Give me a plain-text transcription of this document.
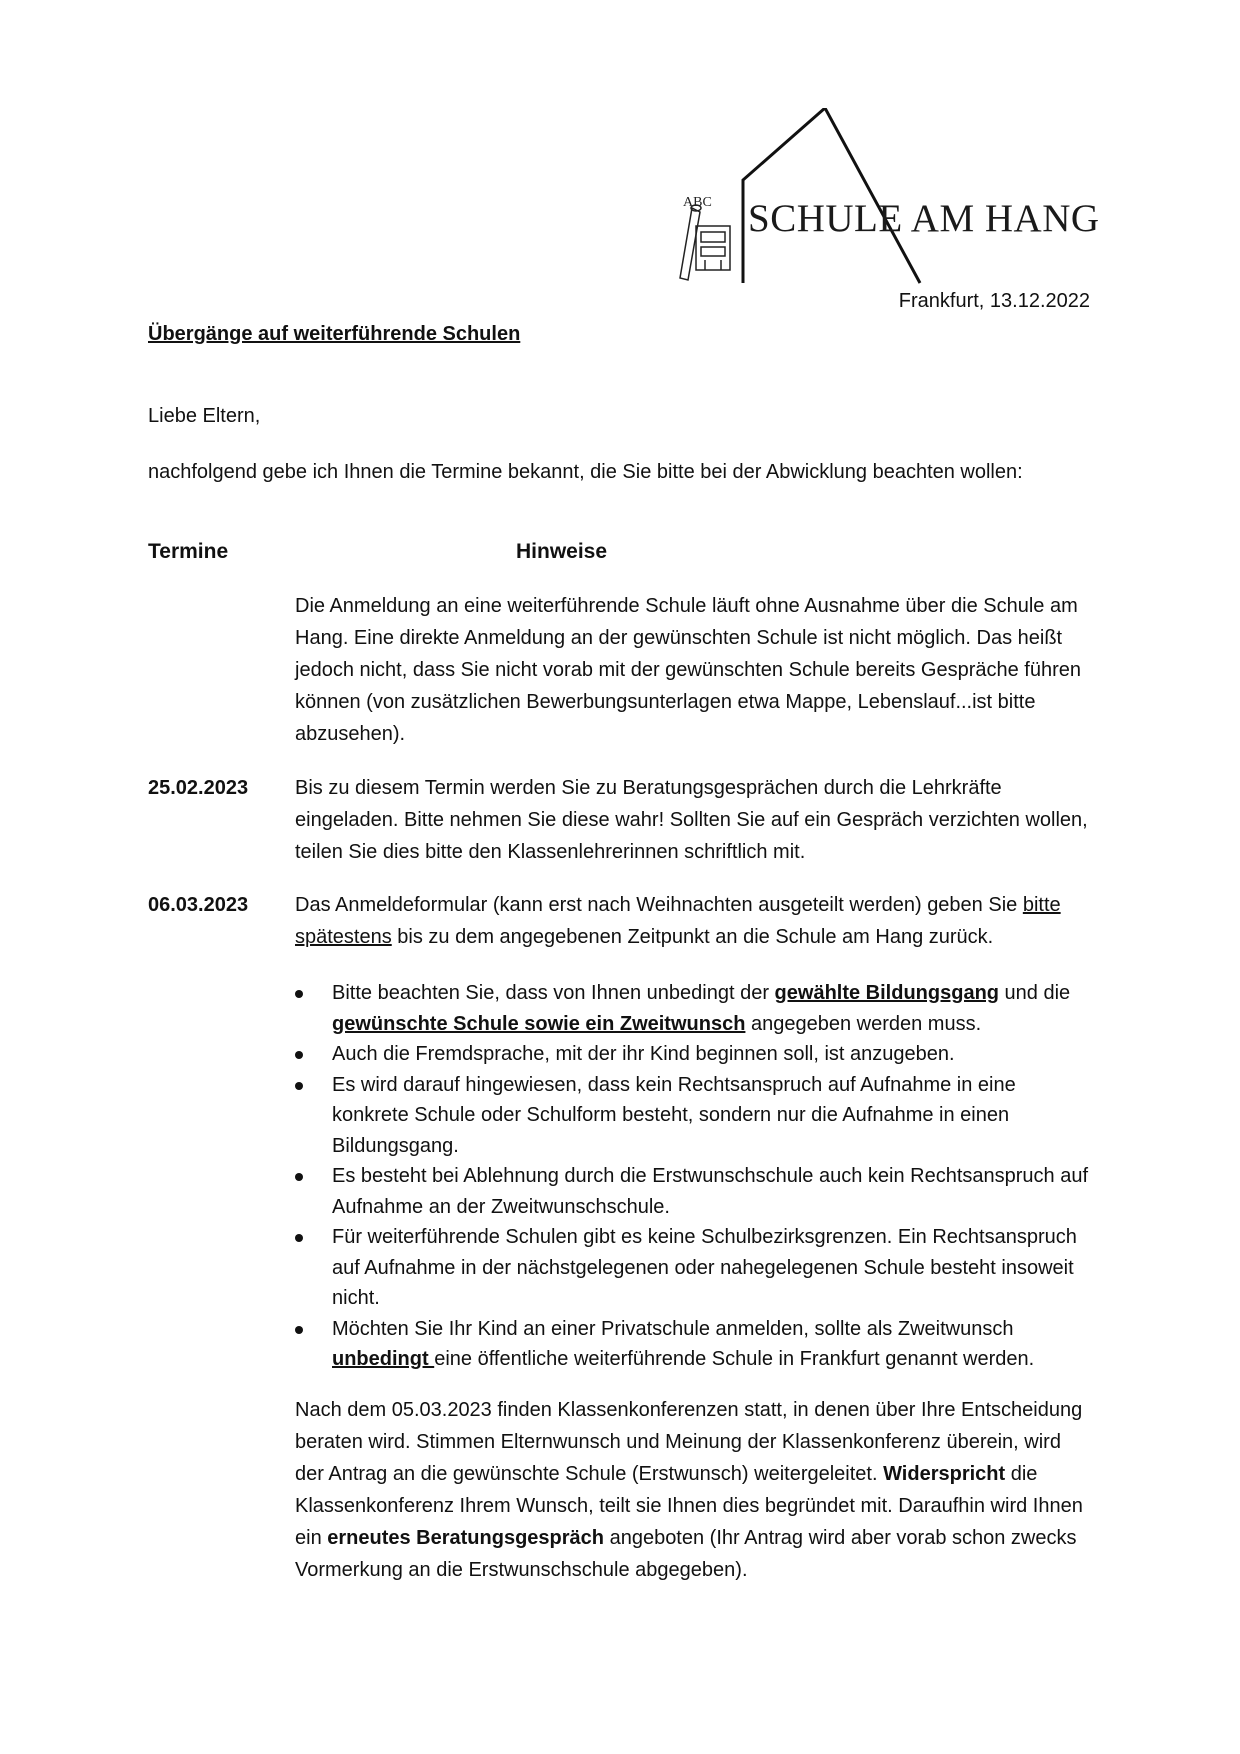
ABC SCHULE AM HANG
Frankfurt, 13.12.2022
Übergänge auf weiterführende Schulen
Liebe Eltern,
nachfolgend gebe ich Ihnen die Termine bekannt, die Sie bitte bei der Abwicklung beachten wollen:
Termine	Hinweise
Die Anmeldung an eine weiterführende Schule läuft ohne Ausnahme über die Schule am Hang. Eine direkte Anmeldung an der gewünschten Schule ist nicht möglich. Das heißt jedoch nicht, dass Sie nicht vorab mit der gewünschten Schule bereits Gespräche führen können (von zusätzlichen Bewerbungsunterlagen etwa Mappe, Lebenslauf...ist bitte abzusehen).
25.02.2023 Bis zu diesem Termin werden Sie zu Beratungsgesprächen durch die Lehrkräfte eingeladen. Bitte nehmen Sie diese wahr! Sollten Sie auf ein Gespräch verzichten wollen, teilen Sie dies bitte den Klassenlehrerinnen schriftlich mit.
06.03.2023 Das Anmeldeformular (kann erst nach Weihnachten ausgeteilt werden) geben Sie bitte spätestens bis zu dem angegebenen Zeitpunkt an die Schule am Hang zurück.
Bitte beachten Sie, dass von Ihnen unbedingt der gewählte Bildungsgang und die gewünschte Schule sowie ein Zweitwunsch angegeben werden muss.
Auch die Fremdsprache, mit der ihr Kind beginnen soll, ist anzugeben.
Es wird darauf hingewiesen, dass kein Rechtsanspruch auf Aufnahme in eine konkrete Schule oder Schulform besteht, sondern nur die Aufnahme in einen Bildungsgang.
Es besteht bei Ablehnung durch die Erstwunschschule auch kein Rechtsanspruch auf Aufnahme an der Zweitwunschschule.
Für weiterführende Schulen gibt es keine Schulbezirksgrenzen. Ein Rechtsanspruch auf Aufnahme in der nächstgelegenen oder nahegelegenen Schule besteht insoweit nicht.
Möchten Sie Ihr Kind an einer Privatschule anmelden, sollte als Zweitwunsch unbedingt eine öffentliche weiterführende Schule in Frankfurt genannt werden.
Nach dem 05.03.2023 finden Klassenkonferenzen statt, in denen über Ihre Entscheidung beraten wird. Stimmen Elternwunsch und Meinung der Klassenkonferenz überein, wird der Antrag an die gewünschte Schule (Erstwunsch) weitergeleitet. Widerspricht die Klassenkonferenz Ihrem Wunsch, teilt sie Ihnen dies begründet mit. Daraufhin wird Ihnen ein erneutes Beratungsgespräch angeboten (Ihr Antrag wird aber vorab schon zwecks Vormerkung an die Erstwunschschule abgegeben).
